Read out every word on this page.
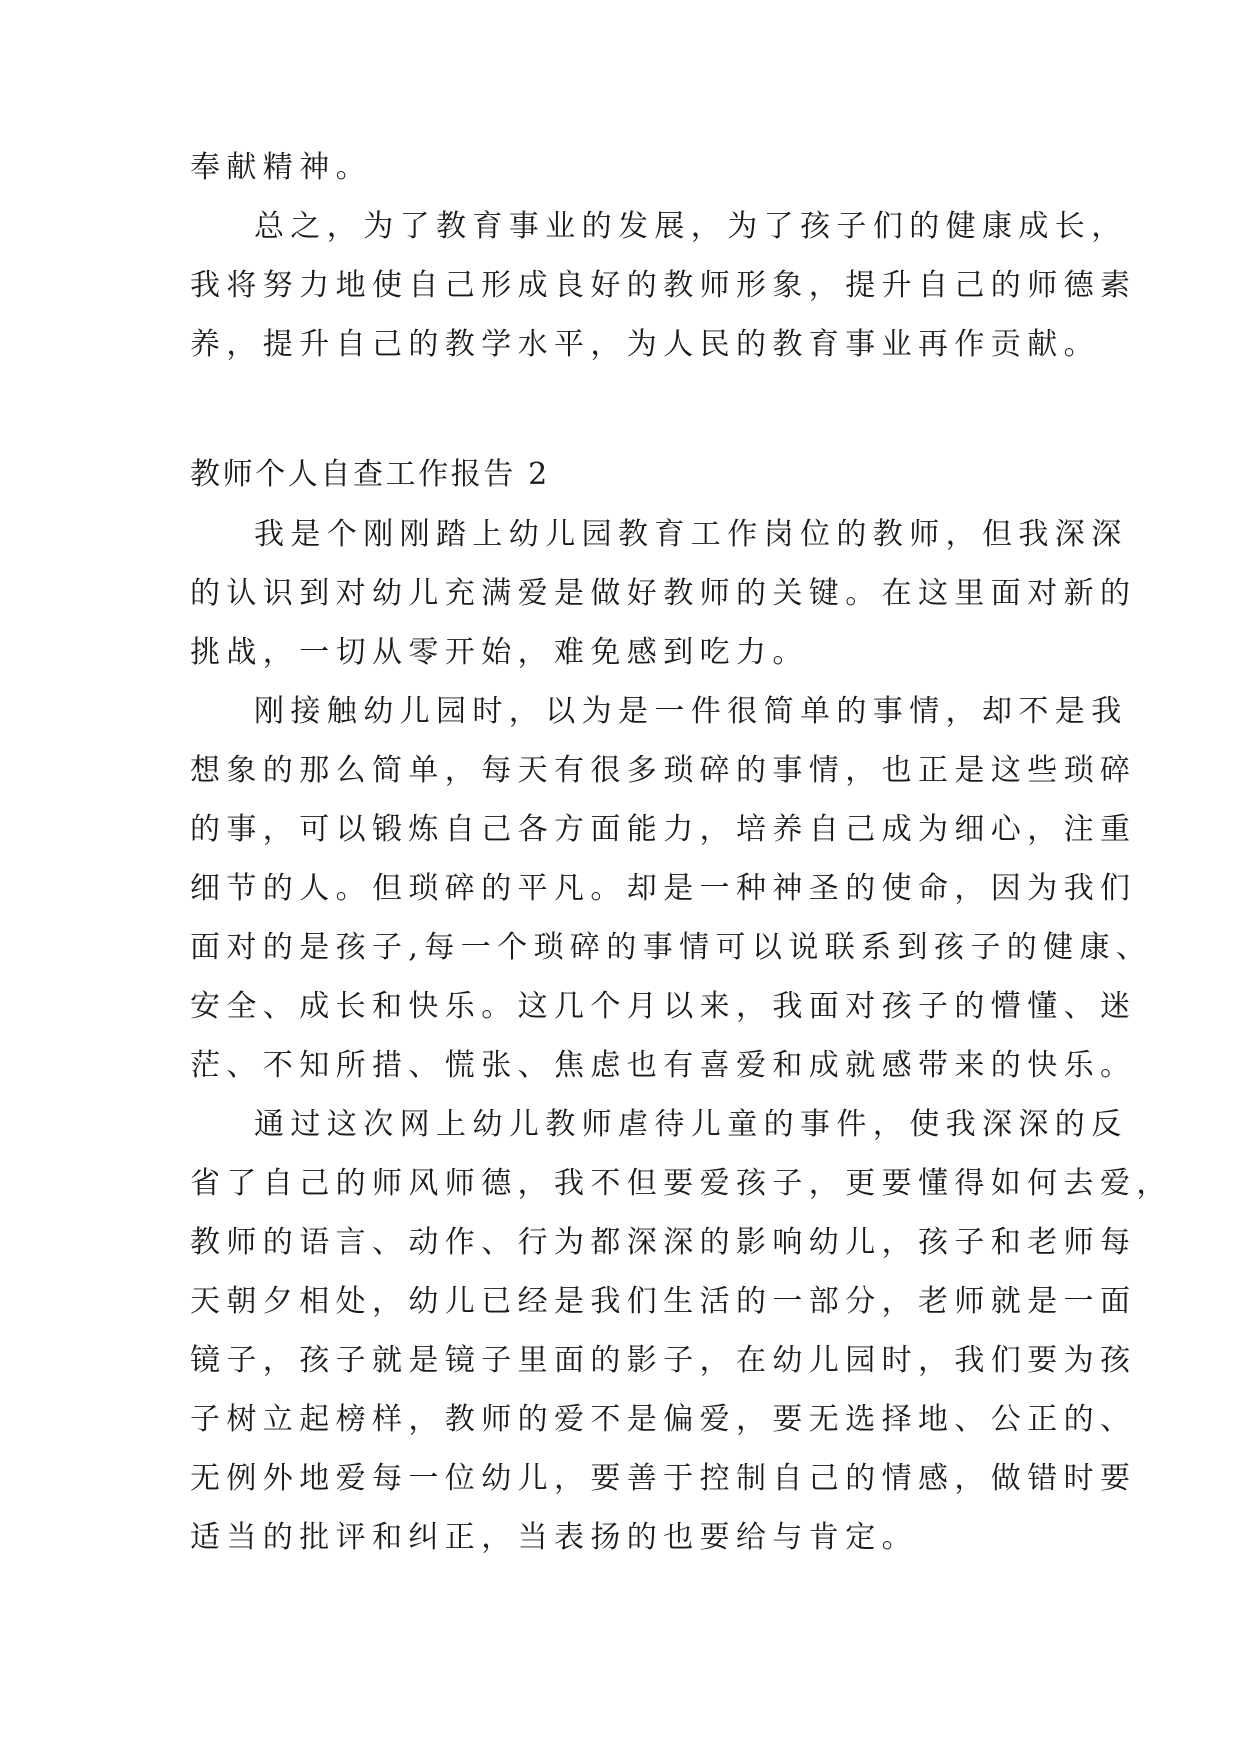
奉献精神。

总之，为了教育事业的发展，为了孩子们的健康成长，

我将努力地使自己形成良好的教师形象，提升自己的师德素

养，提升自己的教学水平，为人民的教育事业再作贡献。

教师个人自查工作报告 2

我是个刚刚踏上幼儿园教育工作岗位的教师，但我深深

的认识到对幼儿充满爱是做好教师的关键。在这里面对新的

挑战，一切从零开始，难免感到吃力。

刚接触幼儿园时，以为是一件很简单的事情，却不是我

想象的那么简单，每天有很多琐碎的事情，也正是这些琐碎

的事，可以锻炼自己各方面能力，培养自己成为细心，注重

细节的人。但琐碎的平凡。却是一种神圣的使命，因为我们

面对的是孩子,每一个琐碎的事情可以说联系到孩子的健康、

安全、成长和快乐。这几个月以来，我面对孩子的懵懂、迷

茫、不知所措、慌张、焦虑也有喜爱和成就感带来的快乐。

通过这次网上幼儿教师虐待儿童的事件，使我深深的反

省了自己的师风师德，我不但要爱孩子，更要懂得如何去爱，

教师的语言、动作、行为都深深的影响幼儿，孩子和老师每

天朝夕相处，幼儿已经是我们生活的一部分，老师就是一面

镜子，孩子就是镜子里面的影子，在幼儿园时，我们要为孩

子树立起榜样，教师的爱不是偏爱，要无选择地、公正的、

无例外地爱每一位幼儿，要善于控制自己的情感，做错时要

适当的批评和纠正，当表扬的也要给与肯定。
